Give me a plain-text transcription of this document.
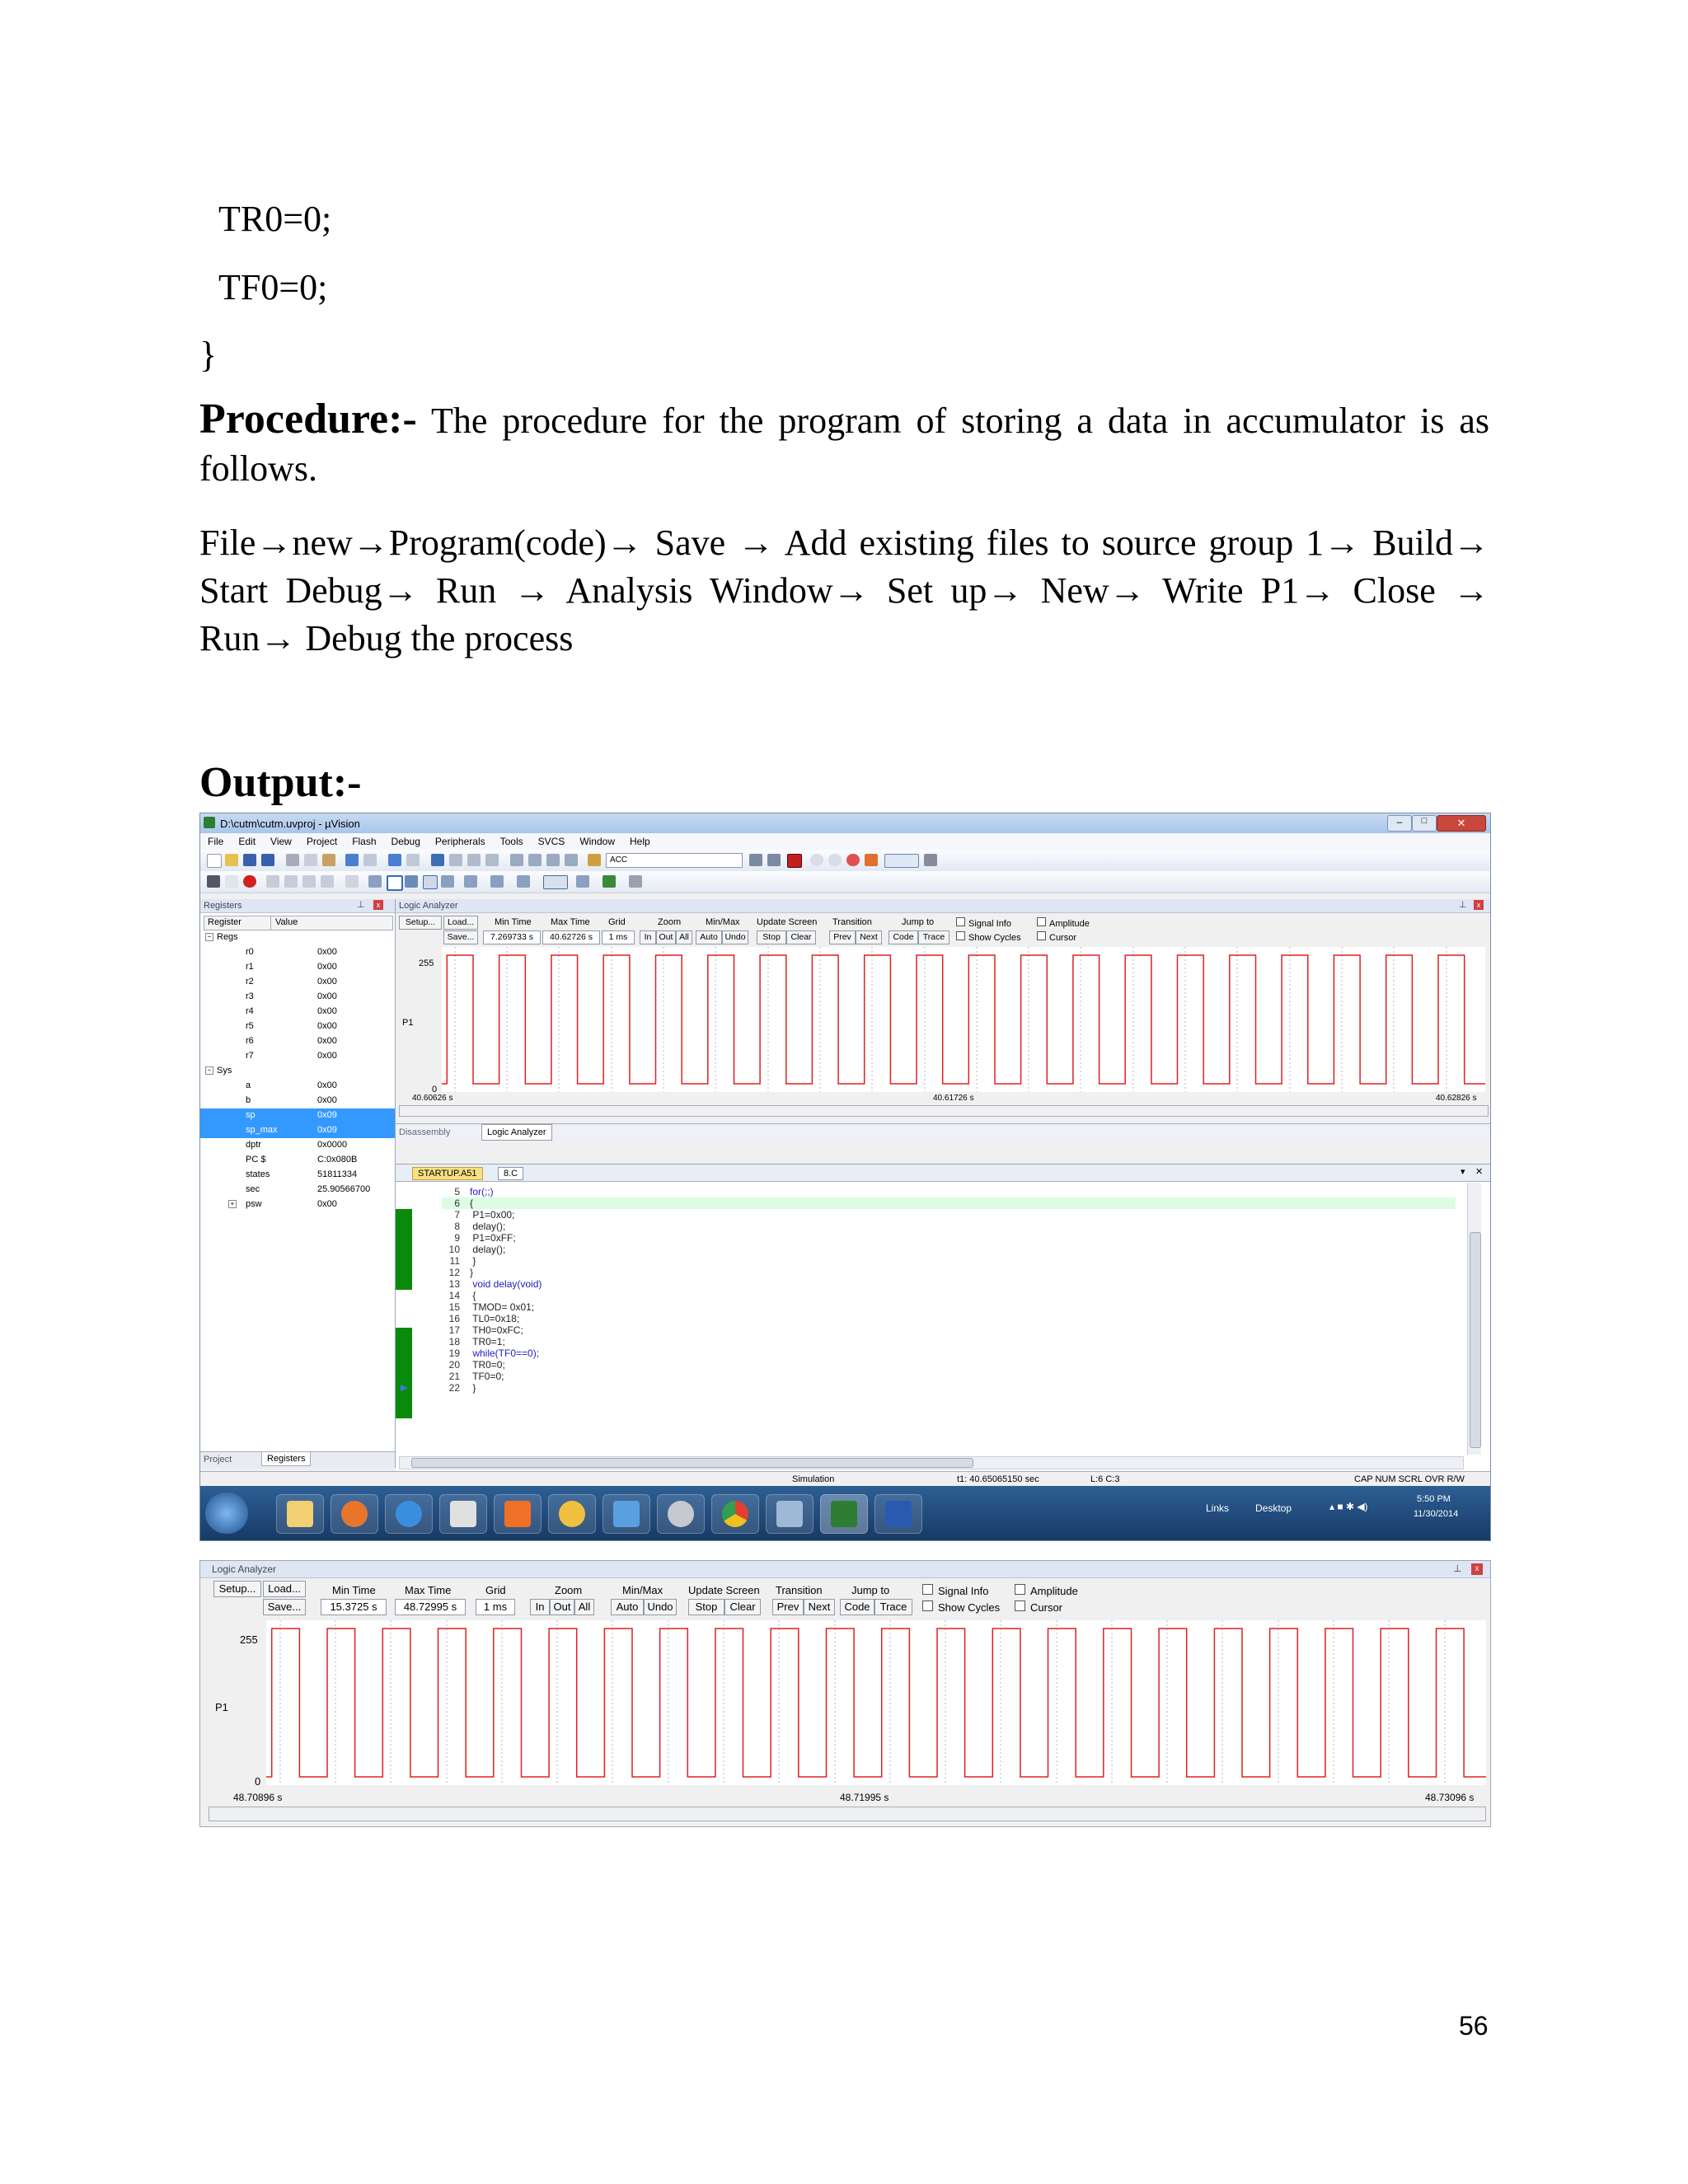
TR0=0;
TF0=0;
}
Procedure:- The procedure for the program of storing a data in accumulator is as follows.
File→new→Program(code)→ Save → Add existing files to source group 1→ Build→ Start Debug→ Run → Analysis Window→ Set up→ New→ Write P1→ Close → Run→ Debug the process
Output:-
D:\cutm\cutm.uvproj - µVision	–	□	✕
File Edit View Project Flash Debug Peripherals Tools SVCS Window Help
ACC
Registers	⊥	x
Register	Value
− Regs
r0	0x00
r1	0x00
r2	0x00
r3	0x00
r4	0x00
r5	0x00
r6	0x00
r7	0x00
− Sys
a	0x00
b	0x00
sp	0x09
sp_max	0x09
dptr	0x0000
PC $	C:0x080B
states	51811334
sec	25.90566700
+ psw	0x00
Project	Registers
Logic Analyzer	⊥	x
Setup...	Load...
Save...
Min Time
7.269733 s
Max Time
40.62726 s
Grid
1 ms
Zoom
In Out All
Min/Max
Auto Undo
Update Screen
Stop	Clear
Transition
Prev Next
Jump to
Code	Trace
Signal Info
Show Cycles
Amplitude
Cursor
255
P1
0
40.60626 s	40.61726 s	40.62826 s
Disassembly	Logic Analyzer
STARTUP.A51	8.C	▾ ✕
▶
5 for(;;)
6 {
7 P1=0x00;
8 delay();
9 P1=0xFF;
10 delay();
11 }
12 }
13 void delay(void)
14 {
15 TMOD= 0x01;
16 TL0=0x18;
17 TH0=0xFC;
18 TR0=1;
19 while(TF0==0);
20 TR0=0;
21 TF0=0;
22 }
Simulation	t1: 40.65065150 sec	L:6 C:3	CAP NUM SCRL OVR R/W
Links	Desktop	▴ ■ ✱ ◀)
5:50 PM
11/30/2014
Logic Analyzer	⊥	x
Setup...	Load...
Save...
Min Time
15.3725 s
Max Time
48.72995 s
Grid
1 ms
Zoom
In Out All
Min/Max
Auto Undo
Update Screen
Stop	Clear
Transition
Prev Next
Jump to
Code Trace
Signal Info
Show Cycles
Amplitude
Cursor
255
P1
0
48.70896 s	48.71995 s	48.73096 s
56
